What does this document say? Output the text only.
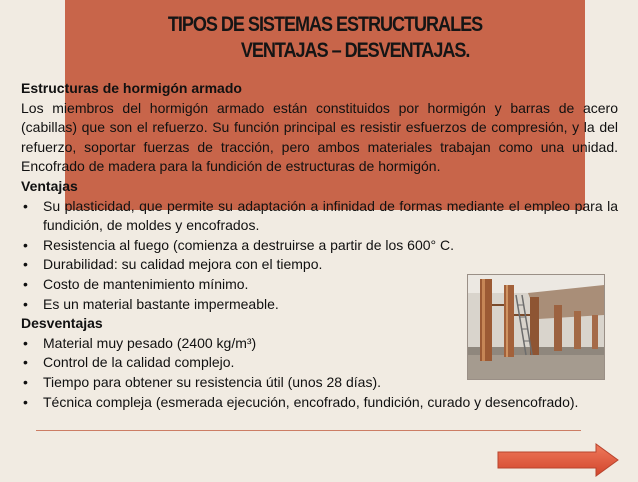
TIPOS DE SISTEMAS ESTRUCTURALES
VENTAJAS – DESVENTAJAS.

Estructuras de hormigón armado

Los miembros del hormigón armado están constituidos por hormigón y barras de acero (cabillas) que son el refuerzo. Su función principal es resistir esfuerzos de compresión, y la del refuerzo, soportar fuerzas de tracción, pero ambos materiales trabajan como una unidad. Encofrado de madera para la fundición de estructuras de hormigón.

Ventajas

• Su plasticidad, que permite su adaptación a infinidad de formas mediante el empleo para la fundición, de moldes y encofrados.
• Resistencia al fuego (comienza a destruirse a partir de los 600° C.
• Durabilidad: su calidad mejora con el tiempo.
• Costo de mantenimiento mínimo.
• Es un material bastante impermeable.

Desventajas

• Material muy pesado (2400 kg/m³)
• Control de la calidad complejo.
• Tiempo para obtener su resistencia útil (unos 28 días).
• Técnica compleja (esmerada ejecución, encofrado, fundición, curado y desencofrado).
